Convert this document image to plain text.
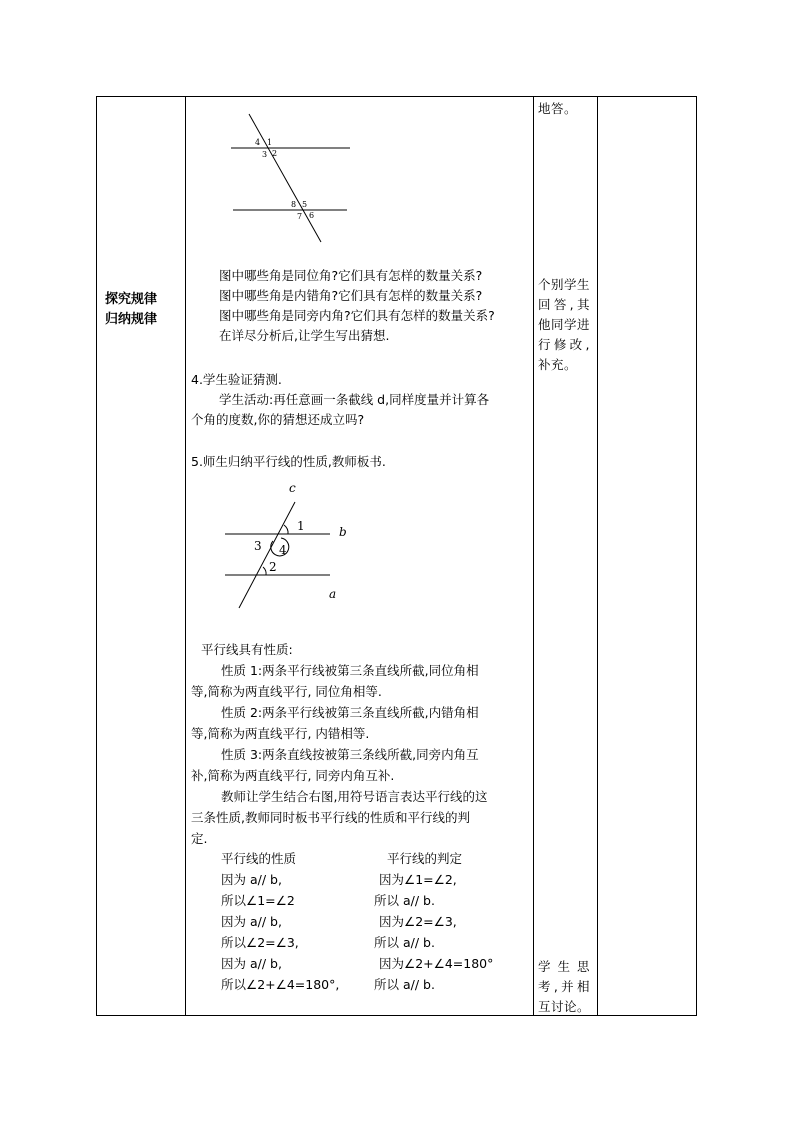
探究规律
归纳规律
4 1
3 2
8 5
7 6
图中哪些角是同位角?它们具有怎样的数量关系?
图中哪些角是内错角?它们具有怎样的数量关系?
图中哪些角是同旁内角?它们具有怎样的数量关系?
在详尽分析后,让学生写出猜想.
4.学生验证猜测.
学生活动:再任意画一条截线 d,同样度量并计算各
个角的度数,你的猜想还成立吗?
5.师生归纳平行线的性质,教师板书.
c
b
a
1
3 4
2
平行线具有性质:
性质 1:两条平行线被第三条直线所截,同位角相
等,简称为两直线平行, 同位角相等.
性质 2:两条平行线被第三条直线所截,内错角相
等,简称为两直线平行, 内错相等.
性质 3:两条直线按被第三条线所截,同旁内角互
补,简称为两直线平行, 同旁内角互补.
教师让学生结合右图,用符号语言表达平行线的这
三条性质,教师同时板书平行线的性质和平行线的判
定.
平行线的性质	平行线的判定
因为 a// b,
所以∠1=∠2
因为 a// b,
所以∠2=∠3,
因为 a// b,
所以∠2+∠4=180°,
因为∠1=∠2,
所以 a// b.
因为∠2=∠3,
所以 a// b.
因为∠2+∠4=180°
所以 a// b.
地答。
个别学生回答,其他同学进行修改,补充。
学生思考,并相互讨论。
